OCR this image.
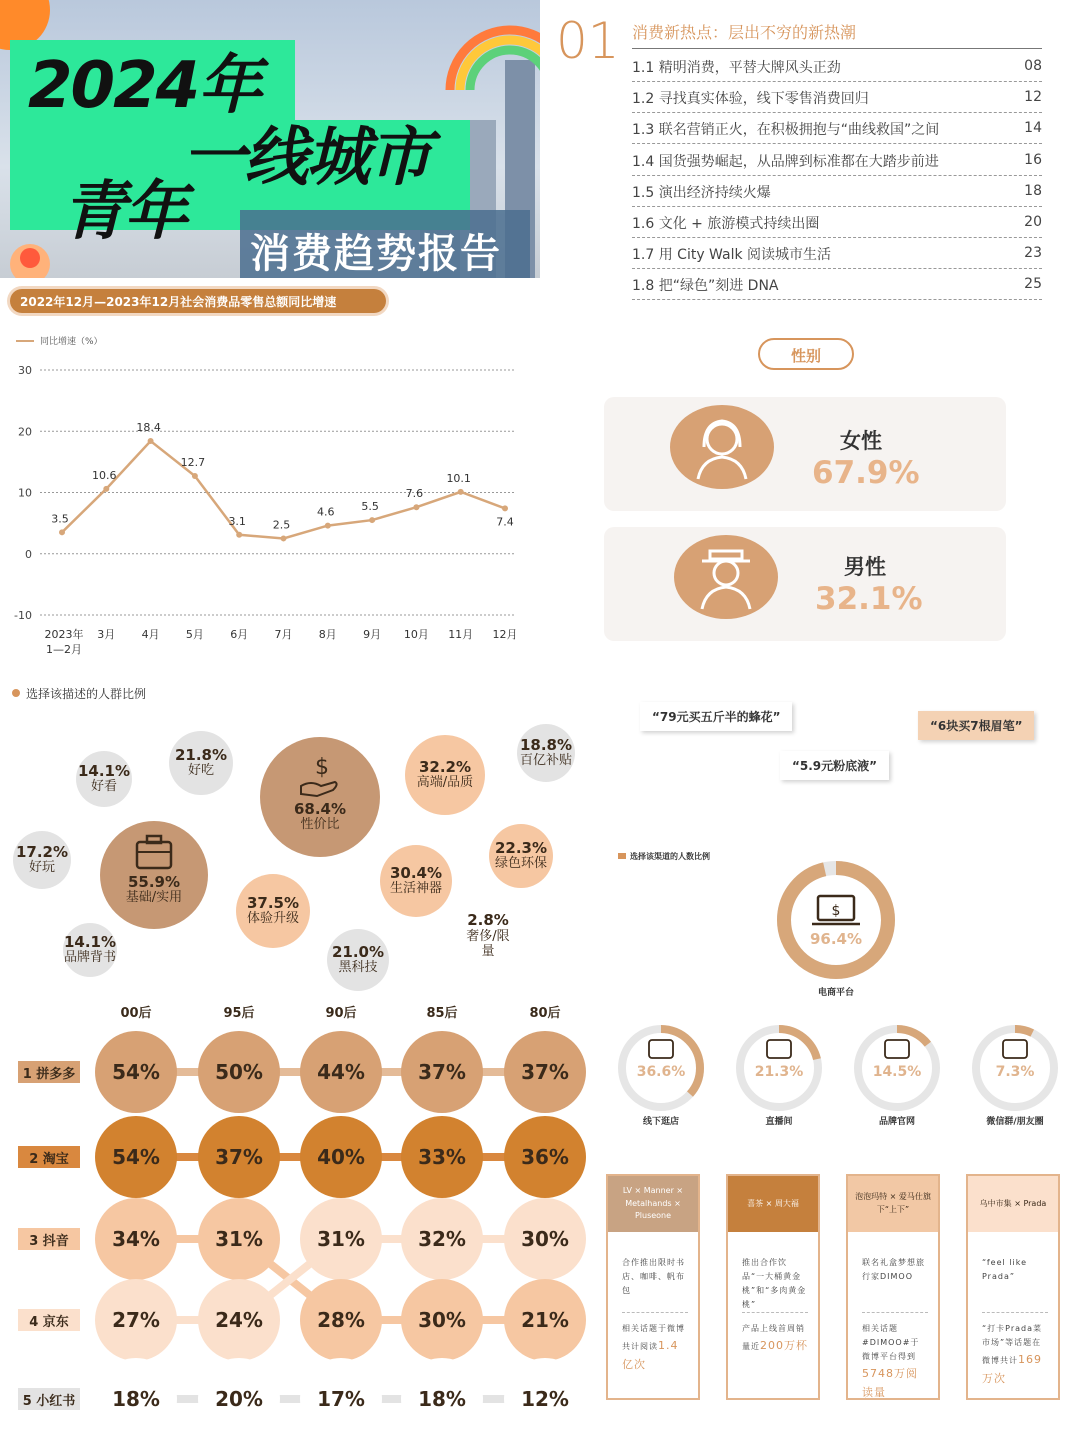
2024年
一线城市
青年
消费趋势报告
01 消费新热点：层出不穷的新热潮
1.1 精明消费，平替大牌风头正劲	08
1.2 寻找真实体验，线下零售消费回归	12
1.3 联名营销正火，在积极拥抱与“曲线救国”之间	14
1.4 国货强势崛起，从品牌到标准都在大踏步前进	16
1.5 演出经济持续火爆	18
1.6 文化 + 旅游模式持续出圈	20
1.7 用 City Walk 阅读城市生活	23
1.8 把“绿色”刻进 DNA	25
2022年12月—2023年12月社会消费品零售总额同比增速
同比增速（%）
30
20
10
0
-10
3.5
10.6
18.4
12.7
3.1 2.5
4.6 5.5
7.6
10.1
7.4
2023年
1—2月
3月 4月 5月 6月 7月 8月 9月 10月 11月 12月
选择该描述的人群比例
14.1%
好看
21.8%
好吃
68.4%
性价比
32.2%
高端/品质
18.8%
百亿补贴
17.2%
好玩
55.9%
基础/实用	37.5%
体验升级
30.4%
生活神器
22.3%
绿色环保
14.1%
品牌背书	21.0%
黑科技
2.8%
奢侈/限量
$
00后	95后	90后	85后	80后
1 拼多多	54%	50%	44%	37%	37%
2 淘宝	54%	37%	40%	33%	36%
3 抖音	34%	31%	31%	32%	30%
4 京东	27%	24%	28%	30%	21%
5 小红书	18%	20%	17%	18%	12%
性别
女性
67.9%
男性
32.1%
“79元买五斤半的蜂花”
“6块买7根眉笔”
“5.9元粉底液”
选择该渠道的人数比例
96.4%
电商平台
$
36.6%
线下逛店
21.3%
直播间
14.5%
品牌官网
7.3%
微信群/朋友圈
LV × Manner × Metalhands × Pluseone
合作推出限时书店、咖啡、帆布包
相关话题于微博共计阅读1.4亿次
喜茶 × 周大福
推出合作饮品“一大桶黄金桃”和“多肉黄金桃”
产品上线首周销量近200万杯
泡泡玛特 × 爱马仕旗下“上下”
联名礼盒梦想旅行家DIMOO
相关话题#DIMOO#于微博平台得到5748万阅读量
乌中市集 × Prada
“feel like Prada”
“打卡Prada菜市场”等话题在微博共计169万次
